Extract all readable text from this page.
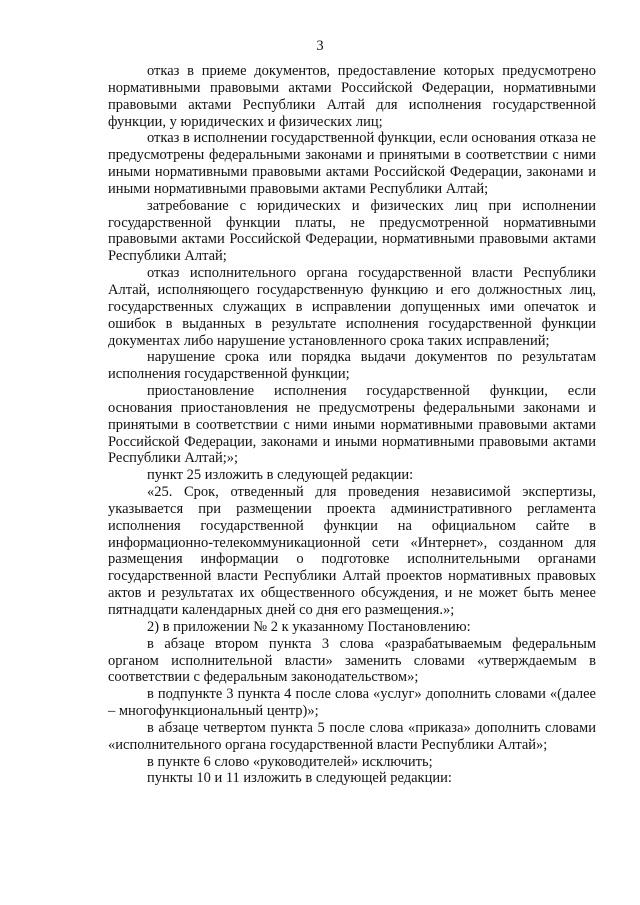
3

отказ в приеме документов, предоставление которых предусмотрено нормативными правовыми актами Российской Федерации, нормативными правовыми актами Республики Алтай для исполнения государственной функции, у юридических и физических лиц;

отказ в исполнении государственной функции, если основания отказа не предусмотрены федеральными законами и принятыми в соответствии с ними иными нормативными правовыми актами Российской Федерации, законами и иными нормативными правовыми актами Республики Алтай;

затребование с юридических и физических лиц при исполнении государственной функции платы, не предусмотренной нормативными правовыми актами Российской Федерации, нормативными правовыми актами Республики Алтай;

отказ исполнительного органа государственной власти Республики Алтай, исполняющего государственную функцию и его должностных лиц, государственных служащих в исправлении допущенных ими опечаток и ошибок в выданных в результате исполнения государственной функции документах либо нарушение установленного срока таких исправлений;

нарушение срока или порядка выдачи документов по результатам исполнения государственной функции;

приостановление исполнения государственной функции, если основания приостановления не предусмотрены федеральными законами и принятыми в соответствии с ними иными нормативными правовыми актами Российской Федерации, законами и иными нормативными правовыми актами Республики Алтай;»;

пункт 25 изложить в следующей редакции:

«25. Срок, отведенный для проведения независимой экспертизы, указывается при размещении проекта административного регламента исполнения государственной функции на официальном сайте в информационно-телекоммуникационной сети «Интернет», созданном для размещения информации о подготовке исполнительными органами государственной власти Республики Алтай проектов нормативных правовых актов и результатах их общественного обсуждения, и не может быть менее пятнадцати календарных дней со дня его размещения.»;

2) в приложении № 2 к указанному Постановлению:

в абзаце втором пункта 3 слова «разрабатываемым федеральным органом исполнительной власти» заменить словами «утверждаемым в соответствии с федеральным законодательством»;

в подпункте 3 пункта 4 после слова «услуг» дополнить словами «(далее – многофункциональный центр)»;

в абзаце четвертом пункта 5 после слова «приказа» дополнить словами «исполнительного органа государственной власти Республики Алтай»;

в пункте 6 слово «руководителей» исключить;

пункты 10 и 11 изложить в следующей редакции:
